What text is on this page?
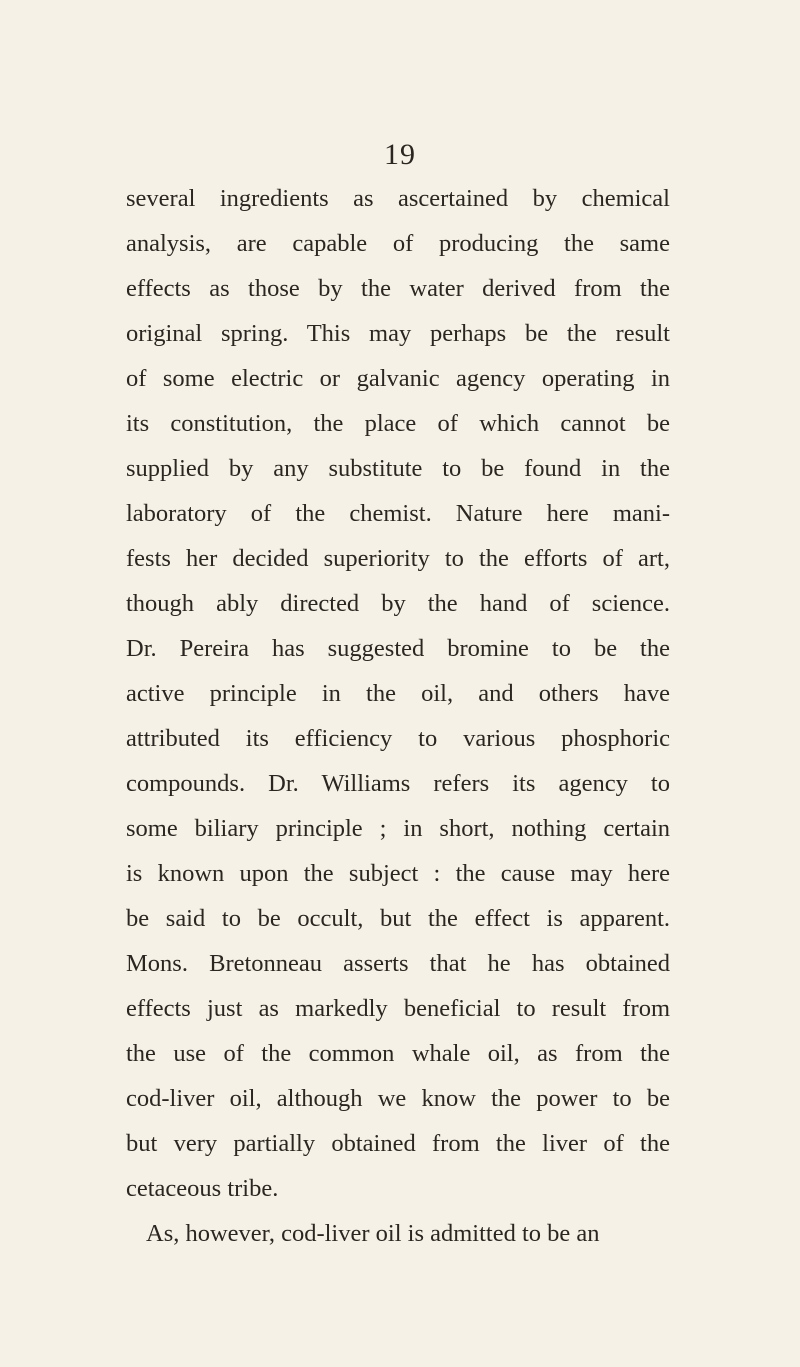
19
several ingredients as ascertained by chemical
analysis, are capable of producing the same
effects as those by the water derived from the
original spring. This may perhaps be the result
of some electric or galvanic agency operating in
its constitution, the place of which cannot be
supplied by any substitute to be found in the
laboratory of the chemist. Nature here mani-
fests her decided superiority to the efforts of art,
though ably directed by the hand of science.
Dr. Pereira has suggested bromine to be the
active principle in the oil, and others have
attributed its efficiency to various phosphoric
compounds. Dr. Williams refers its agency to
some biliary principle ; in short, nothing certain
is known upon the subject : the cause may here
be said to be occult, but the effect is apparent.
Mons. Bretonneau asserts that he has obtained
effects just as markedly beneficial to result from
the use of the common whale oil, as from the
cod-liver oil, although we know the power to be
but very partially obtained from the liver of the
cetaceous tribe.
As, however, cod-liver oil is admitted to be an
